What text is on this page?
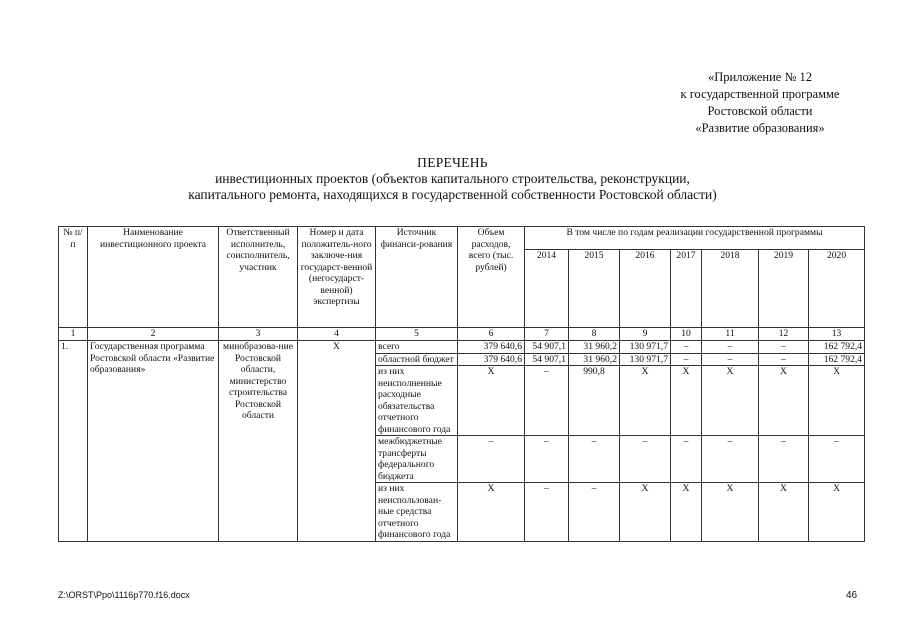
«Приложение № 12
к государственной программе
Ростовской области
«Развитие образования»
ПЕРЕЧЕНЬ
инвестиционных проектов (объектов капитального строительства, реконструкции,
капитального ремонта, находящихся в государственной собственности Ростовской области)
№ п/п	Наименование инвестиционного проекта	Ответственный исполнитель, соисполнитель, участник	Номер и дата положитель-ного заключе-ния государст-венной (негосударст-венной) экспертизы	Источник финанси-рования	Объем расходов, всего (тыс. рублей)	В том числе по годам реализации государственной программы						
						2014	2015	2016	2017	2018	2019	2020
1	2	3	4	5	6	7	8	9	10	11	12	13
1.	Государственная программа Ростовской области «Развитие образования»	минобразова-ние Ростовской области, министерство строительства Ростовской области	Х	всего	379 640,6	54 907,1	31 960,2	130 971,7	–	–	–	162 792,4
				областной бюджет	379 640,6	54 907,1	31 960,2	130 971,7	–	–	–	162 792,4
				из них неисполненные расходные обязательства отчетного финансового года	Х	–	990,8	Х	Х	Х	Х	Х
				межбюджетные трансферты федерального бюджета	–	–	–	–	–	–	–	–
				из них неиспользован-ные средства отчетного финансового года	Х	–	–	Х	Х	Х	Х	Х
Z:\ORST\Ppo\1116p770.f16.docx	46
